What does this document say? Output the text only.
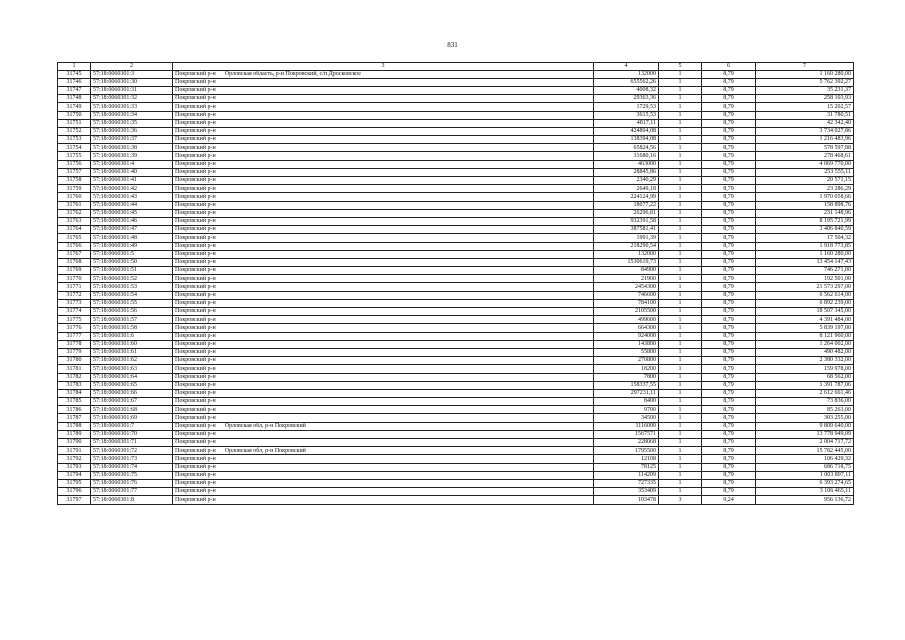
831
1	2	3	4	5	6	7
31745	57:18:0060301:3	Покровский р-н Орловская область, р-н Покровский, с/п Дросковское	132000	1	8,79	1 160 280,00
31746	57:18:0060301:30	Покровский р-н	655562,26	1	8,79	5 762 392,27
31747	57:18:0060301:31	Покровский р-н	4008,32	1	8,79	35 231,37
31748	57:18:0060301:32	Покровский р-н	29363,36	1	8,79	258 103,93
31749	57:18:0060301:33	Покровский р-н	1729,53	1	8,79	15 202,57
31750	57:18:0060301:34	Покровский р-н	3615,53	1	8,79	31 780,51
31751	57:18:0060301:35	Покровский р-н	4817,11	1	8,79	42 342,40
31752	57:18:0060301:36	Покровский р-н	424804,08	1	8,79	3 734 027,86
31753	57:18:0060301:37	Покровский р-н	138394,08	1	8,79	1 216 483,96
31754	57:18:0060301:38	Покровский р-н	65824,56	1	8,79	578 597,88
31755	57:18:0060301:39	Покровский р-н	31680,16	1	8,79	278 468,61
31756	57:18:0060301:4	Покровский р-н	463000	1	8,79	4 069 770,00
31757	57:18:0060301:40	Покровский р-н	28845,86	1	8,79	253 555,11
31758	57:18:0060301:41	Покровский р-н	2340,29	1	8,79	20 571,15
31759	57:18:0060301:42	Покровский р-н	2649,18	1	8,79	23 286,29
31760	57:18:0060301:43	Покровский р-н	224124,99	1	8,79	1 970 058,66
31761	57:18:0060301:44	Покровский р-н	18077,22	1	8,79	158 898,76
31762	57:18:0060301:45	Покровский р-н	26296,81	1	8,79	231 148,96
31763	57:18:0060301:46	Покровский р-н	932391,58	1	8,79	8 195 721,99
31764	57:18:0060301:47	Покровский р-н	387581,41	1	8,79	3 406 840,59
31765	57:18:0060301:48	Покровский р-н	1991,39	1	8,79	17 504,32
31766	57:18:0060301:49	Покровский р-н	218290,54	1	8,79	1 918 773,85
31767	57:18:0060301:5	Покровский р-н	132000	1	8,79	1 160 280,00
31768	57:18:0060301:50	Покровский р-н	1530619,73	1	8,79	13 454 147,43
31769	57:18:0060301:51	Покровский р-н	84900	1	8,79	746 271,00
31770	57:18:0060301:52	Покровский р-н	21900	1	8,79	192 501,00
31771	57:18:0060301:53	Покровский р-н	2454300	1	8,79	21 573 297,00
31772	57:18:0060301:54	Покровский р-н	746600	1	8,79	6 562 614,00
31773	57:18:0060301:55	Покровский р-н	784100	1	8,79	6 892 239,00
31774	57:18:0060301:56	Покровский р-н	2105500	1	8,79	18 507 345,00
31775	57:18:0060301:57	Покровский р-н	499600	1	8,79	4 391 484,00
31776	57:18:0060301:58	Покровский р-н	664300	1	8,79	5 839 197,00
31777	57:18:0060301:6	Покровский р-н	924000	1	8,79	8 121 960,00
31778	57:18:0060301:60	Покровский р-н	143800	1	8,79	1 264 002,00
31779	57:18:0060301:61	Покровский р-н	55800	1	8,79	490 482,00
31780	57:18:0060301:62	Покровский р-н	270800	1	8,79	2 380 332,00
31781	57:18:0060301:63	Покровский р-н	18200	1	8,79	159 978,00
31782	57:18:0060301:64	Покровский р-н	7800	1	8,79	68 562,00
31783	57:18:0060301:65	Покровский р-н	158337,55	1	8,79	1 391 787,06
31784	57:18:0060301:66	Покровский р-н	297231,11	1	8,79	2 612 661,46
31785	57:18:0060301:67	Покровский р-н	8400	1	8,79	73 836,00
31786	57:18:0060301:68	Покровский р-н	9700	1	8,79	85 263,00
31787	57:18:0060301:69	Покровский р-н	34500	1	8,79	303 255,00
31788	57:18:0060301:7	Покровский р-н Орловская обл, р-н Покровский	1116000	1	8,79	9 809 640,00
31789	57:18:0060301:70	Покровский р-н	1567571	1	8,79	13 778 949,09
31790	57:18:0060301:71	Покровский р-н	228068	1	8,79	2 004 717,72
31791	57:18:0060301:72	Покровский р-н Орловская обл, р-н Покровский	1795500	1	8,79	15 782 445,00
31792	57:18:0060301:73	Покровский р-н	12108	1	8,79	106 429,32
31793	57:18:0060301:74	Покровский р-н	78125	1	8,79	686 718,75
31794	57:18:0060301:75	Покровский р-н	114209	1	8,79	1 003 897,11
31795	57:18:0060301:76	Покровский р-н	727335	1	8,79	6 393 274,65
31796	57:18:0060301:77	Покровский р-н	353409	1	8,79	3 106 465,11
31797	57:18:0060301:8	Покровский р-н	103478	3	9,24	956 136,72
